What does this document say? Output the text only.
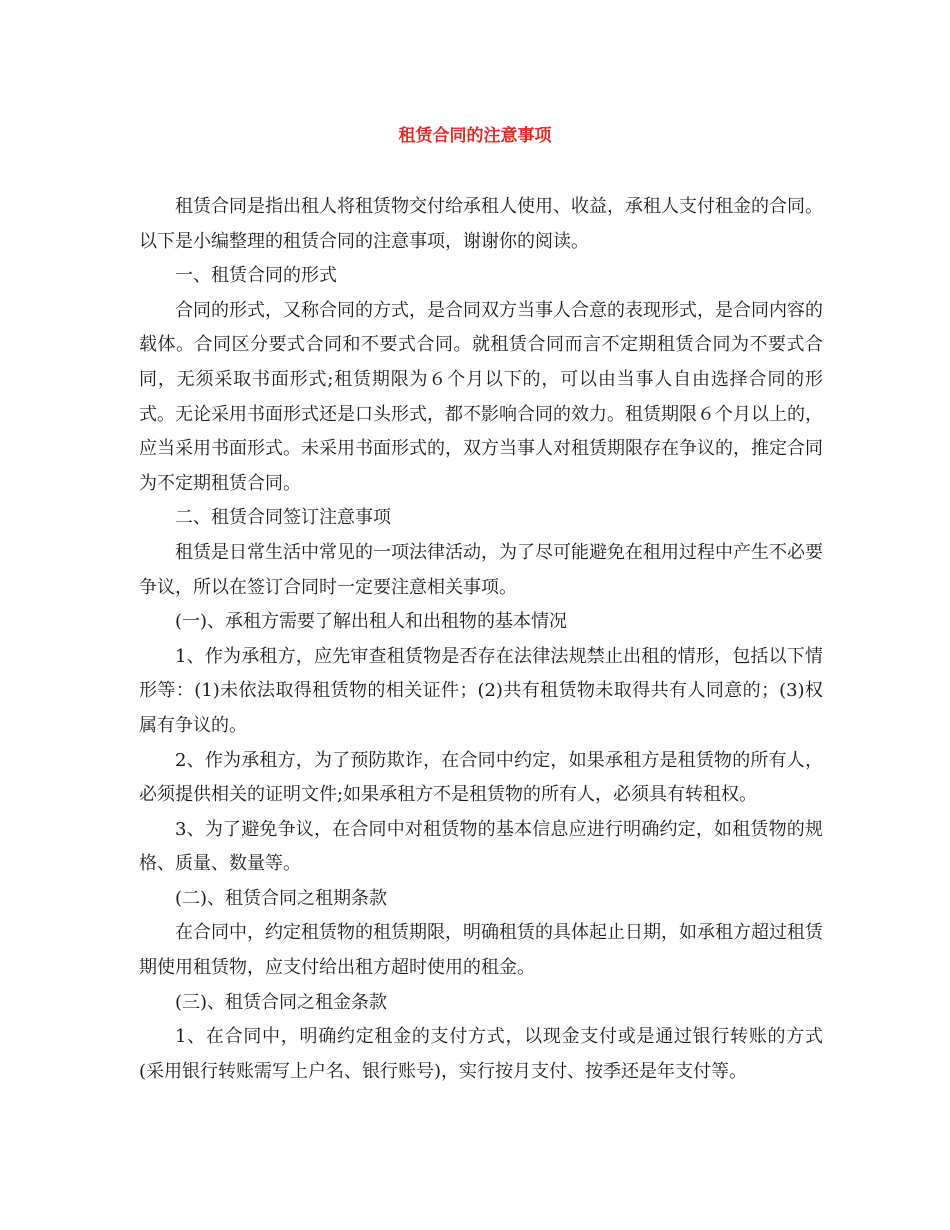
租赁合同的注意事项

租赁合同是指出租人将租赁物交付给承租人使用、收益，承租人支付租金的合同。以下是小编整理的租赁合同的注意事项，谢谢你的阅读。

一、租赁合同的形式

合同的形式，又称合同的方式，是合同双方当事人合意的表现形式，是合同内容的载体。合同区分要式合同和不要式合同。就租赁合同而言不定期租赁合同为不要式合同，无须采取书面形式;租赁期限为６个月以下的，可以由当事人自由选择合同的形式。无论采用书面形式还是口头形式，都不影响合同的效力。租赁期限６个月以上的，应当采用书面形式。未采用书面形式的，双方当事人对租赁期限存在争议的，推定合同为不定期租赁合同。

二、租赁合同签订注意事项

租赁是日常生活中常见的一项法律活动，为了尽可能避免在租用过程中产生不必要争议，所以在签订合同时一定要注意相关事项。

(一)、承租方需要了解出租人和出租物的基本情况

1、作为承租方，应先审查租赁物是否存在法律法规禁止出租的情形，包括以下情形等：(1)未依法取得租赁物的相关证件；(2)共有租赁物未取得共有人同意的；(3)权属有争议的。

2、作为承租方，为了预防欺诈，在合同中约定，如果承租方是租赁物的所有人，必须提供相关的证明文件;如果承租方不是租赁物的所有人，必须具有转租权。

3、为了避免争议，在合同中对租赁物的基本信息应进行明确约定，如租赁物的规格、质量、数量等。

(二)、租赁合同之租期条款

在合同中，约定租赁物的租赁期限，明确租赁的具体起止日期，如承租方超过租赁期使用租赁物，应支付给出租方超时使用的租金。

(三)、租赁合同之租金条款

1、在合同中，明确约定租金的支付方式，以现金支付或是通过银行转账的方式(采用银行转账需写上户名、银行账号)，实行按月支付、按季还是年支付等。
